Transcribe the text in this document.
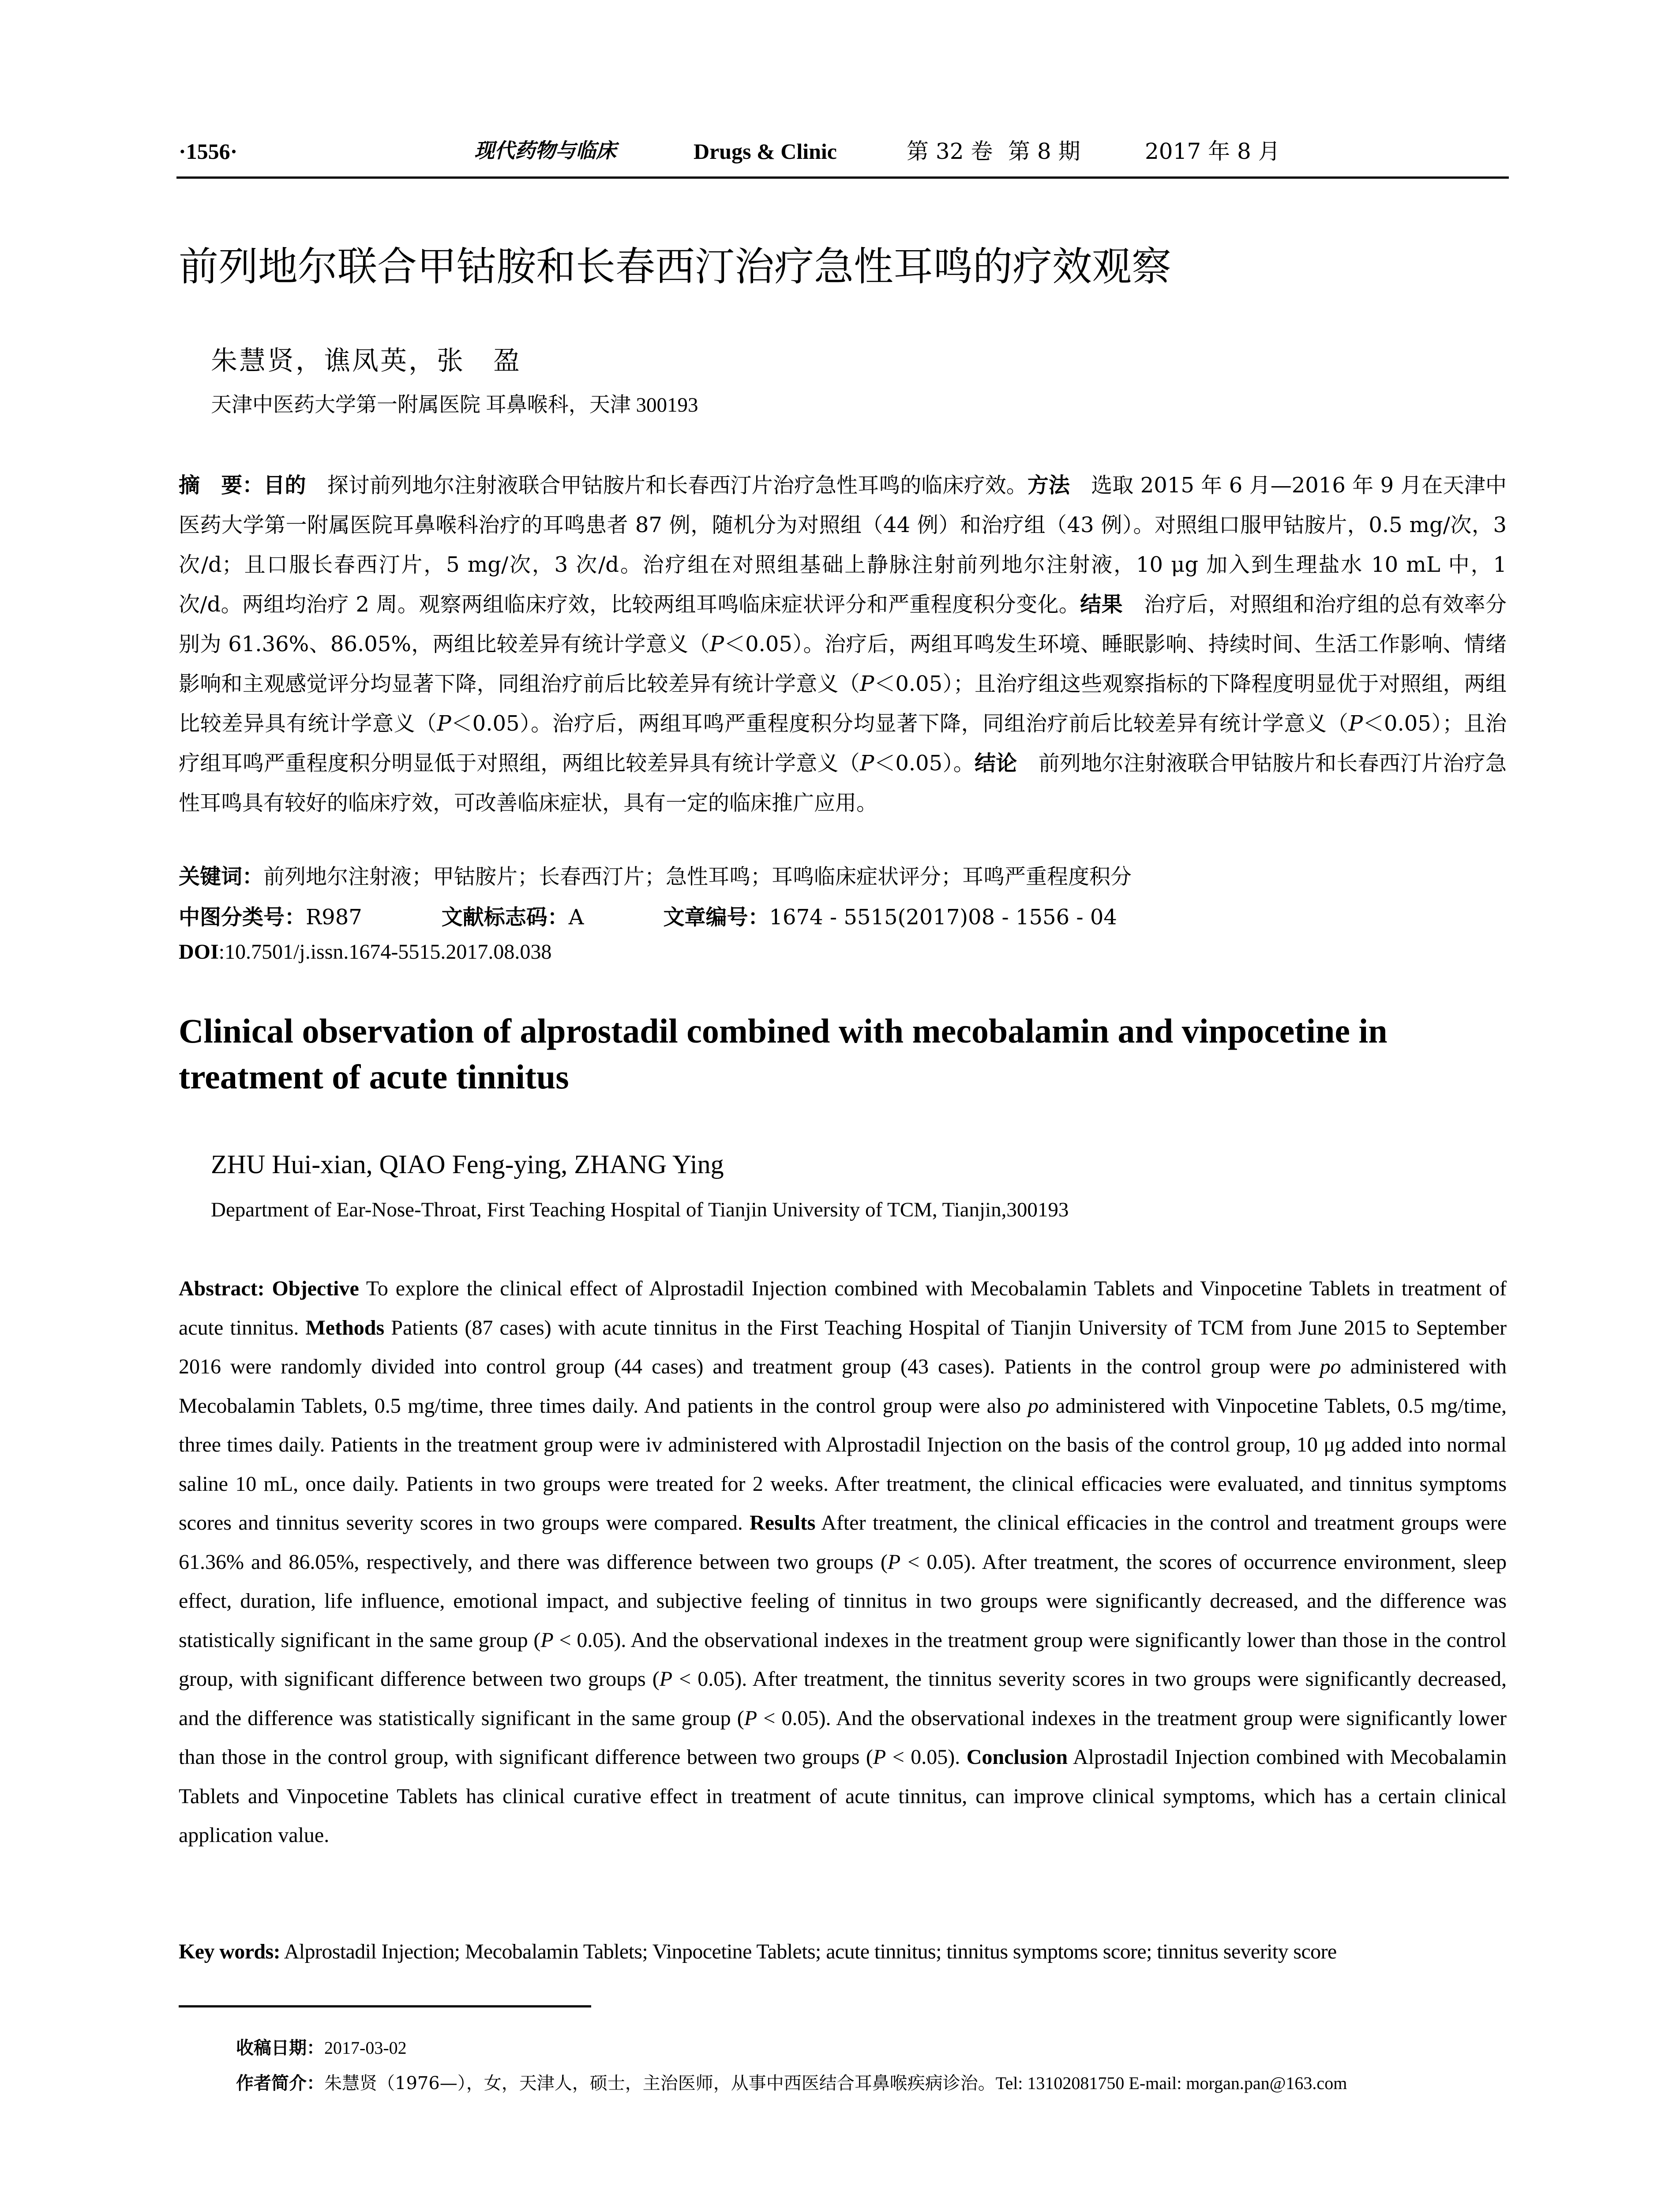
·1556·	现代药物与临床	Drugs & Clinic	第 32 卷 第 8 期	2017 年 8 月
前列地尔联合甲钴胺和长春西汀治疗急性耳鸣的疗效观察
朱慧贤，谯凤英，张　盈
天津中医药大学第一附属医院 耳鼻喉科，天津 300193
摘　要：目的　探讨前列地尔注射液联合甲钴胺片和长春西汀片治疗急性耳鸣的临床疗效。方法　选取 2015 年 6 月—2016 年 9 月在天津中医药大学第一附属医院耳鼻喉科治疗的耳鸣患者 87 例，随机分为对照组（44 例）和治疗组（43 例）。对照组口服甲钴胺片，0.5 mg/次，3 次/d；且口服长春西汀片，5 mg/次，3 次/d。治疗组在对照组基础上静脉注射前列地尔注射液，10 μg 加入到生理盐水 10 mL 中，1 次/d。两组均治疗 2 周。观察两组临床疗效，比较两组耳鸣临床症状评分和严重程度积分变化。结果　治疗后，对照组和治疗组的总有效率分别为 61.36%、86.05%，两组比较差异有统计学意义（P＜0.05）。治疗后，两组耳鸣发生环境、睡眠影响、持续时间、生活工作影响、情绪影响和主观感觉评分均显著下降，同组治疗前后比较差异有统计学意义（P＜0.05）；且治疗组这些观察指标的下降程度明显优于对照组，两组比较差异具有统计学意义（P＜0.05）。治疗后，两组耳鸣严重程度积分均显著下降，同组治疗前后比较差异有统计学意义（P＜0.05）；且治疗组耳鸣严重程度积分明显低于对照组，两组比较差异具有统计学意义（P＜0.05）。结论　前列地尔注射液联合甲钴胺片和长春西汀片治疗急性耳鸣具有较好的临床疗效，可改善临床症状，具有一定的临床推广应用。
关键词：前列地尔注射液；甲钴胺片；长春西汀片；急性耳鸣；耳鸣临床症状评分；耳鸣严重程度积分
中图分类号：R987	文献标志码：A	文章编号：1674 - 5515(2017)08 - 1556 - 04
DOI:10.7501/j.issn.1674-5515.2017.08.038
Clinical observation of alprostadil combined with mecobalamin and vinpocetine in treatment of acute tinnitus
ZHU Hui-xian, QIAO Feng-ying, ZHANG Ying
Department of Ear-Nose-Throat, First Teaching Hospital of Tianjin University of TCM, Tianjin,300193
Abstract: Objective To explore the clinical effect of Alprostadil Injection combined with Mecobalamin Tablets and Vinpocetine Tablets in treatment of acute tinnitus. Methods Patients (87 cases) with acute tinnitus in the First Teaching Hospital of Tianjin University of TCM from June 2015 to September 2016 were randomly divided into control group (44 cases) and treatment group (43 cases). Patients in the control group were po administered with Mecobalamin Tablets, 0.5 mg/time, three times daily. And patients in the control group were also po administered with Vinpocetine Tablets, 0.5 mg/time, three times daily. Patients in the treatment group were iv administered with Alprostadil Injection on the basis of the control group, 10 μg added into normal saline 10 mL, once daily. Patients in two groups were treated for 2 weeks. After treatment, the clinical efficacies were evaluated, and tinnitus symptoms scores and tinnitus severity scores in two groups were compared. Results After treatment, the clinical efficacies in the control and treatment groups were 61.36% and 86.05%, respectively, and there was difference between two groups (P < 0.05). After treatment, the scores of occurrence environment, sleep effect, duration, life influence, emotional impact, and subjective feeling of tinnitus in two groups were significantly decreased, and the difference was statistically significant in the same group (P < 0.05). And the observational indexes in the treatment group were significantly lower than those in the control group, with significant difference between two groups (P < 0.05). After treatment, the tinnitus severity scores in two groups were significantly decreased, and the difference was statistically significant in the same group (P < 0.05). And the observational indexes in the treatment group were significantly lower than those in the control group, with significant difference between two groups (P < 0.05). Conclusion Alprostadil Injection combined with Mecobalamin Tablets and Vinpocetine Tablets has clinical curative effect in treatment of acute tinnitus, can improve clinical symptoms, which has a certain clinical application value.
Key words: Alprostadil Injection; Mecobalamin Tablets; Vinpocetine Tablets; acute tinnitus; tinnitus symptoms score; tinnitus severity score
收稿日期：2017-03-02
作者简介：朱慧贤（1976—），女，天津人，硕士，主治医师，从事中西医结合耳鼻喉疾病诊治。Tel: 13102081750 E-mail: morgan.pan@163.com
